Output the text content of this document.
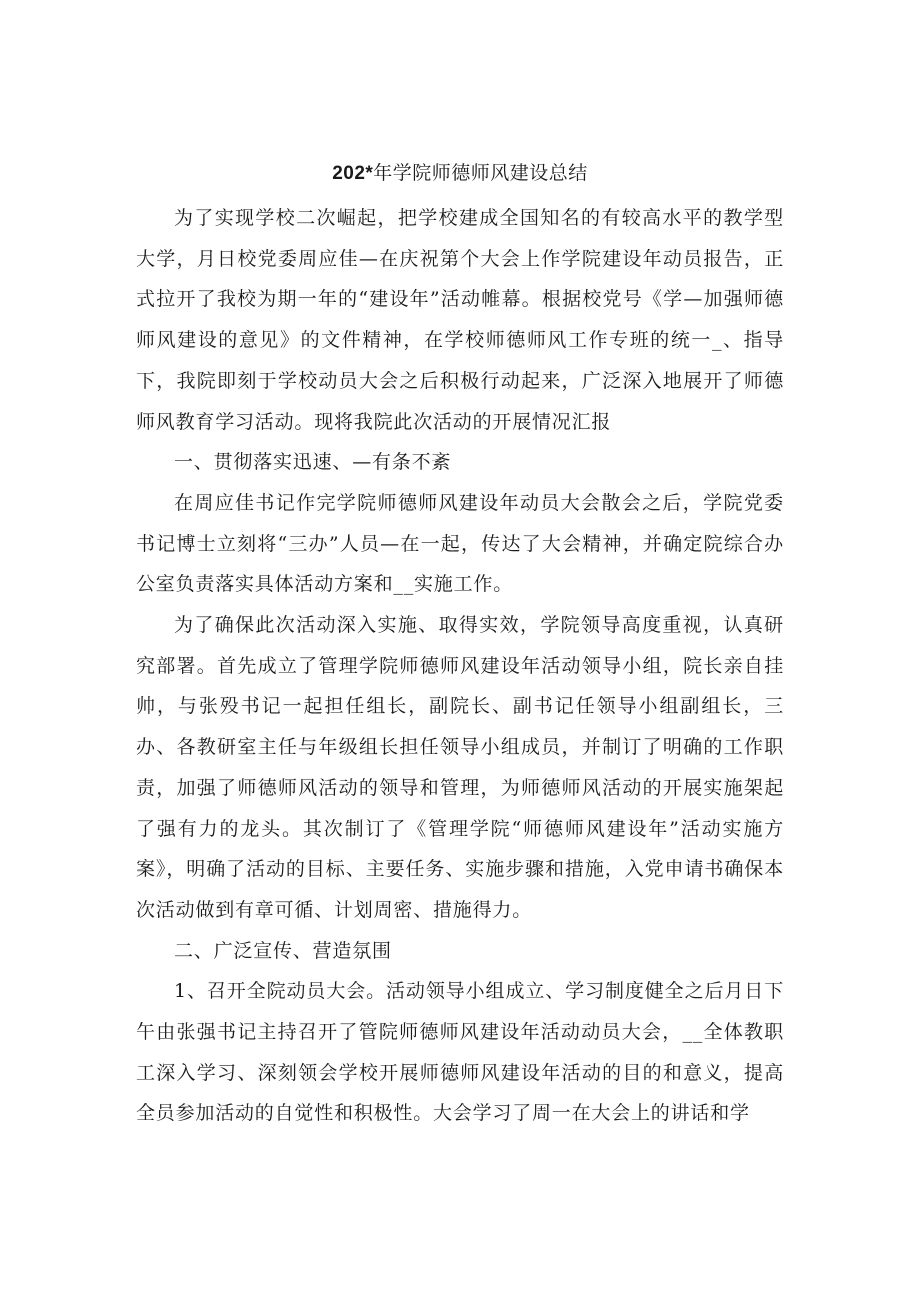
202*年学院师德师风建设总结

为了实现学校二次崛起，把学校建成全国知名的有较高水平的教学型大学，月日校党委周应佳—在庆祝第个大会上作学院建设年动员报告，正式拉开了我校为期一年的“建设年”活动帷幕。根据校党号《学—加强师德师风建设的意见》的文件精神，在学校师德师风工作专班的统一_、指导下，我院即刻于学校动员大会之后积极行动起来，广泛深入地展开了师德师风教育学习活动。现将我院此次活动的开展情况汇报

一、贯彻落实迅速、—有条不紊

在周应佳书记作完学院师德师风建设年动员大会散会之后，学院党委书记博士立刻将“三办”人员—在一起，传达了大会精神，并确定院综合办公室负责落实具体活动方案和__实施工作。

为了确保此次活动深入实施、取得实效，学院领导高度重视，认真研究部署。首先成立了管理学院师德师风建设年活动领导小组，院长亲自挂帅，与张殁书记一起担任组长，副院长、副书记任领导小组副组长，三办、各教研室主任与年级组长担任领导小组成员，并制订了明确的工作职责，加强了师德师风活动的领导和管理，为师德师风活动的开展实施架起了强有力的龙头。其次制订了《管理学院“师德师风建设年”活动实施方案》，明确了活动的目标、主要任务、实施步骤和措施，入党申请书确保本次活动做到有章可循、计划周密、措施得力。

二、广泛宣传、营造氛围

1、召开全院动员大会。活动领导小组成立、学习制度健全之后月日下午由张强书记主持召开了管院师德师风建设年活动动员大会，__全体教职工深入学习、深刻领会学校开展师德师风建设年活动的目的和意义，提高全员参加活动的自觉性和积极性。大会学习了周一在大会上的讲话和学
